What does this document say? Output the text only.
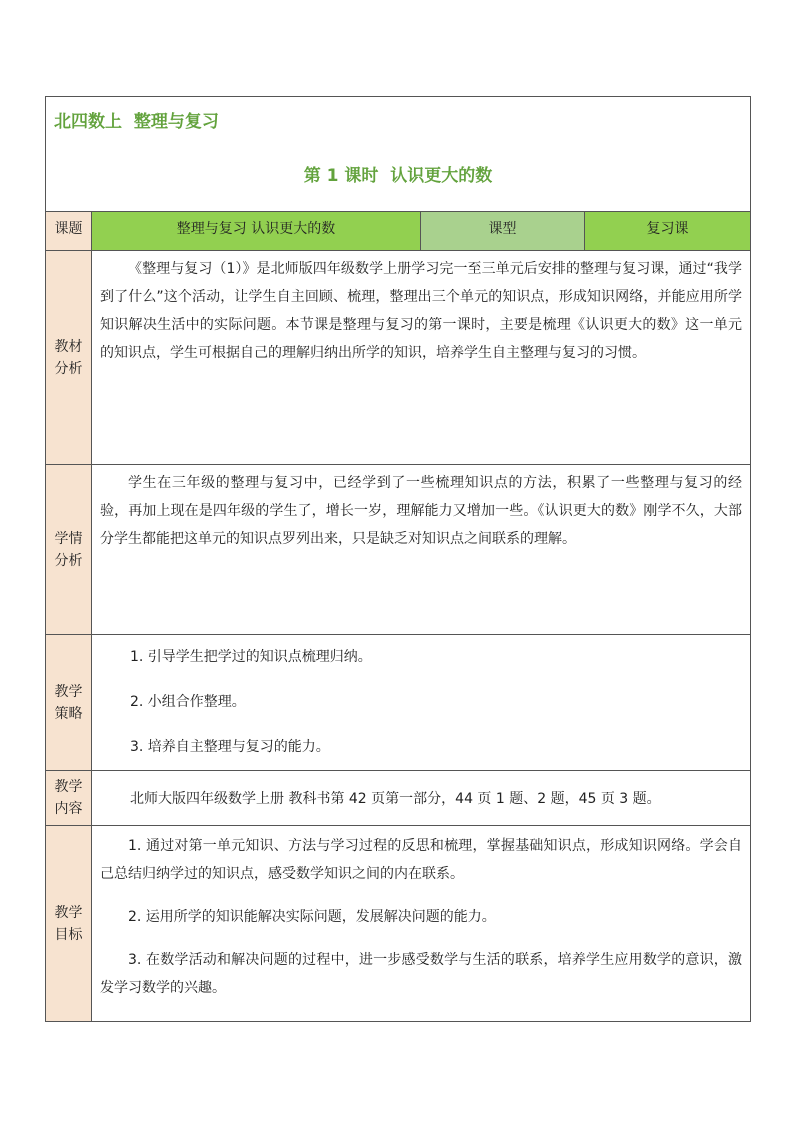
北四数上  整理与复习
第 1 课时  认识更大的数			

课题	整理与复习 认识更大的数	课型	复习课
教材分析	《整理与复习（1）》是北师版四年级数学上册学习完一至三单元后安排的整理与复习课，通过“我学到了什么”这个活动，让学生自主回顾、梳理，整理出三个单元的知识点，形成知识网络，并能应用所学知识解决生活中的实际问题。本节课是整理与复习的第一课时，主要是梳理《认识更大的数》这一单元的知识点，学生可根据自己的理解归纳出所学的知识，培养学生自主整理与复习的习惯。		

学情分析	学生在三年级的整理与复习中，已经学到了一些梳理知识点的方法，积累了一些整理与复习的经验，再加上现在是四年级的学生了，增长一岁，理解能力又增加一些。《认识更大的数》刚学不久，大部分学生都能把这单元的知识点罗列出来，只是缺乏对知识点之间联系的理解。		

教学策略	1. 引导学生把学过的知识点梳理归纳。

2. 小组合作整理。

3. 培养自主整理与复习的能力。		

教学内容	北师大版四年级数学上册 教科书第 42 页第一部分，44 页 1 题、2 题，45 页 3 题。		
教学目标	1. 通过对第一单元知识、方法与学习过程的反思和梳理，掌握基础知识点，形成知识网络。学会自己总结归纳学过的知识点，感受数学知识之间的内在联系。

2. 运用所学的知识能解决实际问题，发展解决问题的能力。

3. 在数学活动和解决问题的过程中，进一步感受数学与生活的联系，培养学生应用数学的意识，激发学习数学的兴趣。		
